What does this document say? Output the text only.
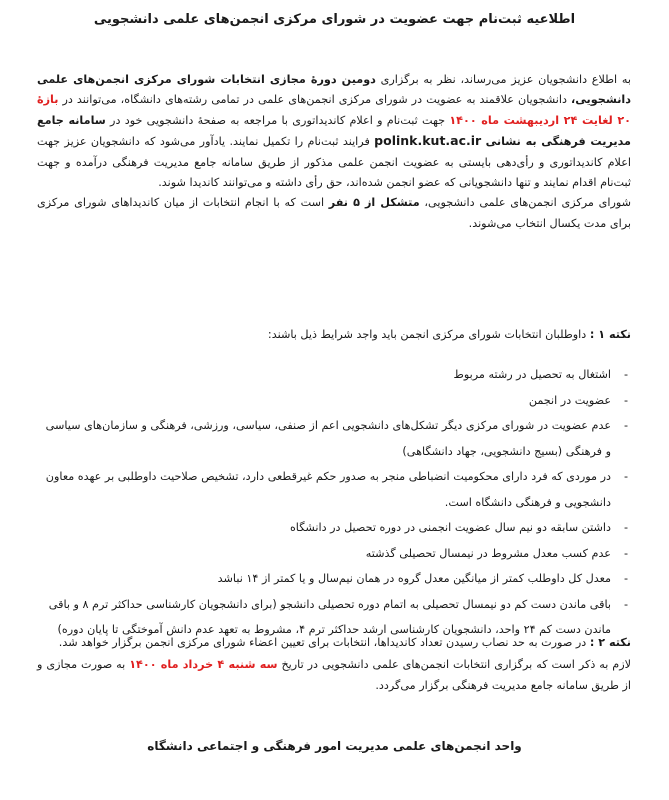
اطلاعیه ثبت‌نام جهت عضویت در شورای مرکزی انجمن‌های علمی دانشجویی

به اطلاع دانشجویان عزیز می‌رساند، نظر به برگزاری دومین دورهٔ مجازی انتخابات شورای مرکزی انجمن‌های علمی دانشجویی، دانشجویان علاقمند به عضویت در شورای مرکزی انجمن‌های علمی در تمامی رشته‌های دانشگاه، می‌توانند در بازهٔ ۲۰ لغایت ۲۴ اردیبهشت ماه ۱۴۰۰ جهت ثبت‌نام و اعلام کاندیداتوری با مراجعه به صفحهٔ دانشجویی خود در سامانه جامع مدیریت فرهنگی به نشانی polink.kut.ac.ir فرایند ثبت‌نام را تکمیل نمایند. یادآور می‌شود که دانشجویان عزیز جهت اعلام کاندیداتوری و رأی‌دهی بایستی به عضویت انجمن علمی مذکور از طریق سامانه جامع مدیریت فرهنگی درآمده و جهت ثبت‌نام اقدام نمایند و تنها دانشجویانی که عضو انجمن شده‌اند، حق رأی داشته و می‌توانند کاندیدا شوند.

شورای مرکزی انجمن‌های علمی دانشجویی، متشکل از ۵ نفر است که با انجام انتخابات از میان کاندیداهای شورای مرکزی برای مدت یکسال انتخاب می‌شوند.

نکته ۱ : داوطلبان انتخابات شورای مرکزی انجمن باید واجد شرایط ذیل باشند:
- اشتغال به تحصیل در رشته مربوط
- عضویت در انجمن
- عدم عضویت در شورای مرکزی دیگر تشکل‌های دانشجویی اعم از صنفی، سیاسی، ورزشی، فرهنگی و سازمان‌های سیاسی و فرهنگی (بسیج دانشجویی، جهاد دانشگاهی)
- در موردی که فرد دارای محکومیت انضباطی منجر به صدور حکم غیرقطعی دارد، تشخیص صلاحیت داوطلبی بر عهده معاون دانشجویی و فرهنگی دانشگاه است.
- داشتن سابقه دو نیم سال عضویت انجمنی در دوره تحصیل در دانشگاه
- عدم کسب معدل مشروط در نیمسال تحصیلی گذشته
- معدل کل داوطلب کمتر از میانگین معدل گروه در همان نیم‌سال و یا کمتر از ۱۴ نباشد
- باقی ماندن دست کم دو نیمسال تحصیلی به اتمام دوره تحصیلی دانشجو (برای دانشجویان کارشناسی حداکثر ترم ۸ و باقی ماندن دست کم ۲۴ واحد، دانشجویان کارشناسی ارشد حداکثر ترم ۴، مشروط به تعهد عدم دانش آموختگی تا پایان دوره)

نکته ۲ : در صورت به حد نصاب رسیدن تعداد کاندیداها، انتخابات برای تعیین اعضاء شورای مرکزی انجمن برگزار خواهد شد.

لازم به ذکر است که برگزاری انتخابات انجمن‌های علمی دانشجویی در تاریخ سه شنبه ۴ خرداد ماه ۱۴۰۰ به صورت مجازی و از طریق سامانه جامع مدیریت فرهنگی برگزار می‌گردد.

واحد انجمن‌های علمی مدیریت امور فرهنگی و اجتماعی دانشگاه
